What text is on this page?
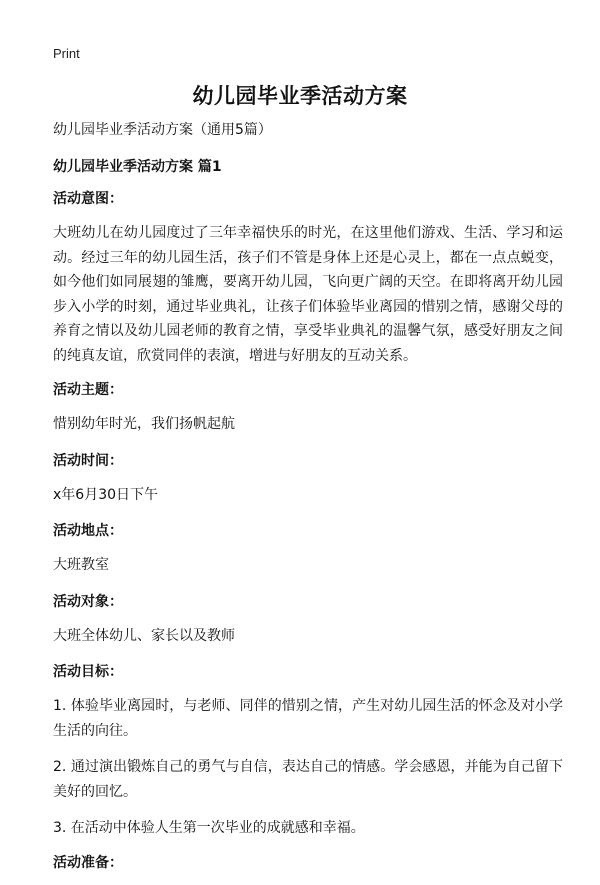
Print
幼儿园毕业季活动方案
幼儿园毕业季活动方案（通用5篇）
幼儿园毕业季活动方案 篇1
活动意图：
大班幼儿在幼儿园度过了三年幸福快乐的时光，在这里他们游戏、生活、学习和运动。经过三年的幼儿园生活，孩子们不管是身体上还是心灵上，都在一点点蜕变，如今他们如同展翅的雏鹰，要离开幼儿园，飞向更广阔的天空。在即将离开幼儿园步入小学的时刻，通过毕业典礼，让孩子们体验毕业离园的惜别之情，感谢父母的养育之情以及幼儿园老师的教育之情，享受毕业典礼的温馨气氛，感受好朋友之间的纯真友谊，欣赏同伴的表演，增进与好朋友的互动关系。
活动主题：
惜别幼年时光，我们扬帆起航
活动时间：
x年6月30日下午
活动地点：
大班教室
活动对象：
大班全体幼儿、家长以及教师
活动目标：
1. 体验毕业离园时，与老师、同伴的惜别之情，产生对幼儿园生活的怀念及对小学生活的向往。
2. 通过演出锻炼自己的勇气与自信，表达自己的情感。学会感恩，并能为自己留下美好的回忆。
3. 在活动中体验人生第一次毕业的成就感和幸福。
活动准备：
